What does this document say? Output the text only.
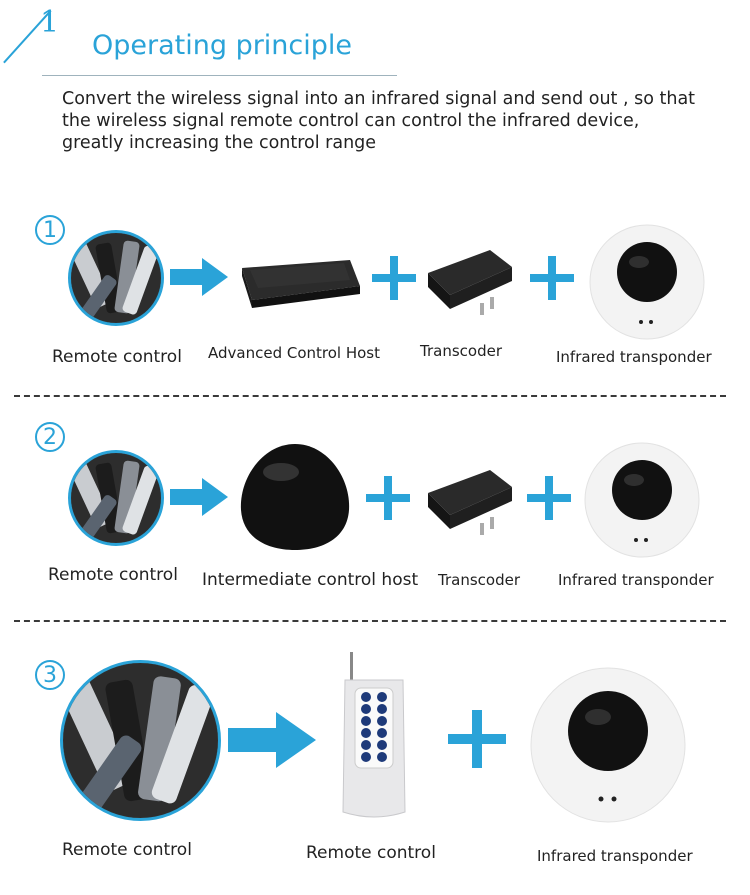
1
Operating principle

Convert the wireless signal into an infrared signal and send out , so that

the wireless signal remote control can control the infrared device,

greatly increasing the control range

1
Remote control Advanced Control Host	Transcoder	Infrared transponder
2
Remote control Intermediate control host Transcoder	Infrared transponder
3
Remote control	Remote control	Infrared transponder
